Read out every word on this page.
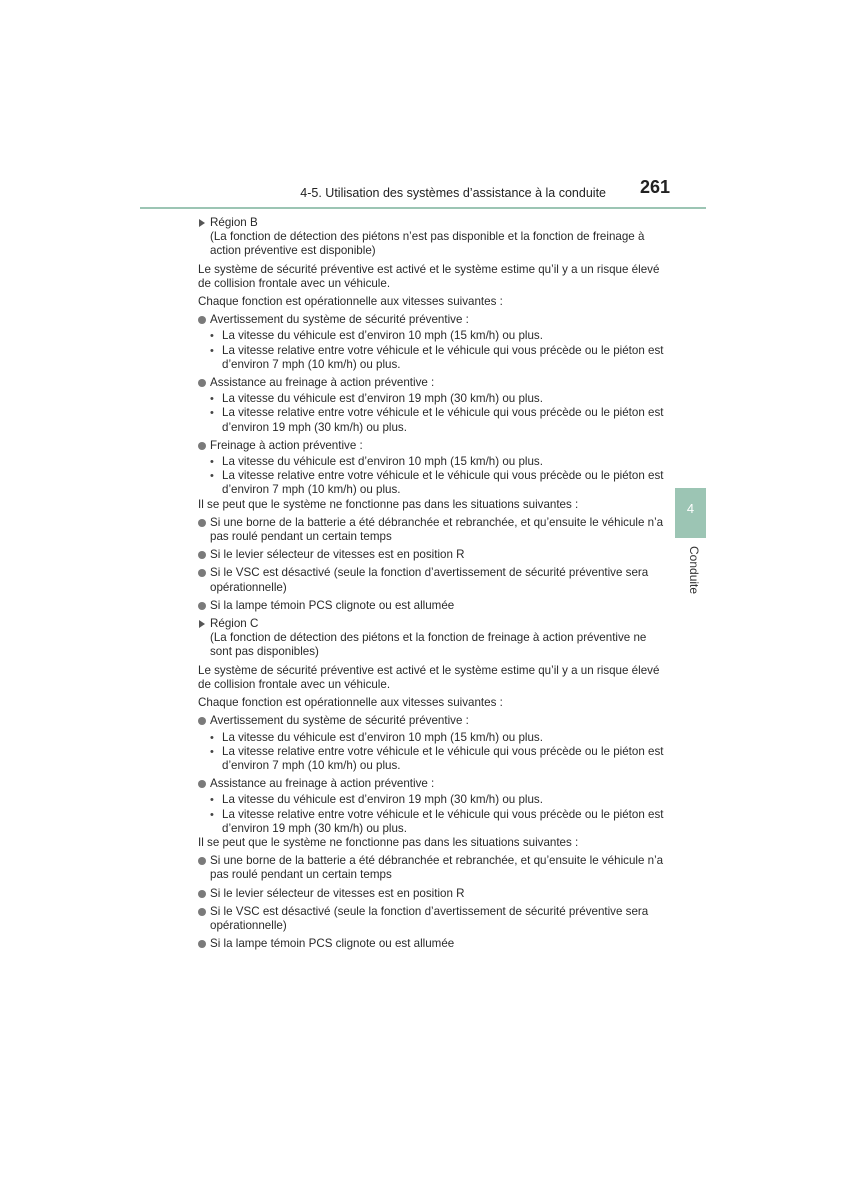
4-5. Utilisation des systèmes d’assistance à la conduite 261
4
Conduite
Région B
(La fonction de détection des piétons n’est pas disponible et la fonction de freinage à action préventive est disponible)

Le système de sécurité préventive est activé et le système estime qu’il y a un risque élevé de collision frontale avec un véhicule.

Chaque fonction est opérationnelle aux vitesses suivantes :

Avertissement du système de sécurité préventive :

• La vitesse du véhicule est d’environ 10 mph (15 km/h) ou plus.

• La vitesse relative entre votre véhicule et le véhicule qui vous précède ou le piéton est d’environ 7 mph (10 km/h) ou plus.

Assistance au freinage à action préventive :

• La vitesse du véhicule est d’environ 19 mph (30 km/h) ou plus.

• La vitesse relative entre votre véhicule et le véhicule qui vous précède ou le piéton est d’environ 19 mph (30 km/h) ou plus.

Freinage à action préventive :

• La vitesse du véhicule est d’environ 10 mph (15 km/h) ou plus.

• La vitesse relative entre votre véhicule et le véhicule qui vous précède ou le piéton est d’environ 7 mph (10 km/h) ou plus.

Il se peut que le système ne fonctionne pas dans les situations suivantes :

Si une borne de la batterie a été débranchée et rebranchée, et qu’ensuite le véhicule n’a pas roulé pendant un certain temps
Si le levier sélecteur de vitesses est en position R
Si le VSC est désactivé (seule la fonction d’avertissement de sécurité préventive sera opérationnelle)
Si la lampe témoin PCS clignote ou est allumée
Région C
(La fonction de détection des piétons et la fonction de freinage à action préventive ne sont pas disponibles)

Le système de sécurité préventive est activé et le système estime qu’il y a un risque élevé de collision frontale avec un véhicule.

Chaque fonction est opérationnelle aux vitesses suivantes :

Avertissement du système de sécurité préventive :

• La vitesse du véhicule est d’environ 10 mph (15 km/h) ou plus.

• La vitesse relative entre votre véhicule et le véhicule qui vous précède ou le piéton est d’environ 7 mph (10 km/h) ou plus.

Assistance au freinage à action préventive :

• La vitesse du véhicule est d’environ 19 mph (30 km/h) ou plus.

• La vitesse relative entre votre véhicule et le véhicule qui vous précède ou le piéton est d’environ 19 mph (30 km/h) ou plus.

Il se peut que le système ne fonctionne pas dans les situations suivantes :

Si une borne de la batterie a été débranchée et rebranchée, et qu’ensuite le véhicule n’a pas roulé pendant un certain temps
Si le levier sélecteur de vitesses est en position R
Si le VSC est désactivé (seule la fonction d’avertissement de sécurité préventive sera opérationnelle)
Si la lampe témoin PCS clignote ou est allumée
